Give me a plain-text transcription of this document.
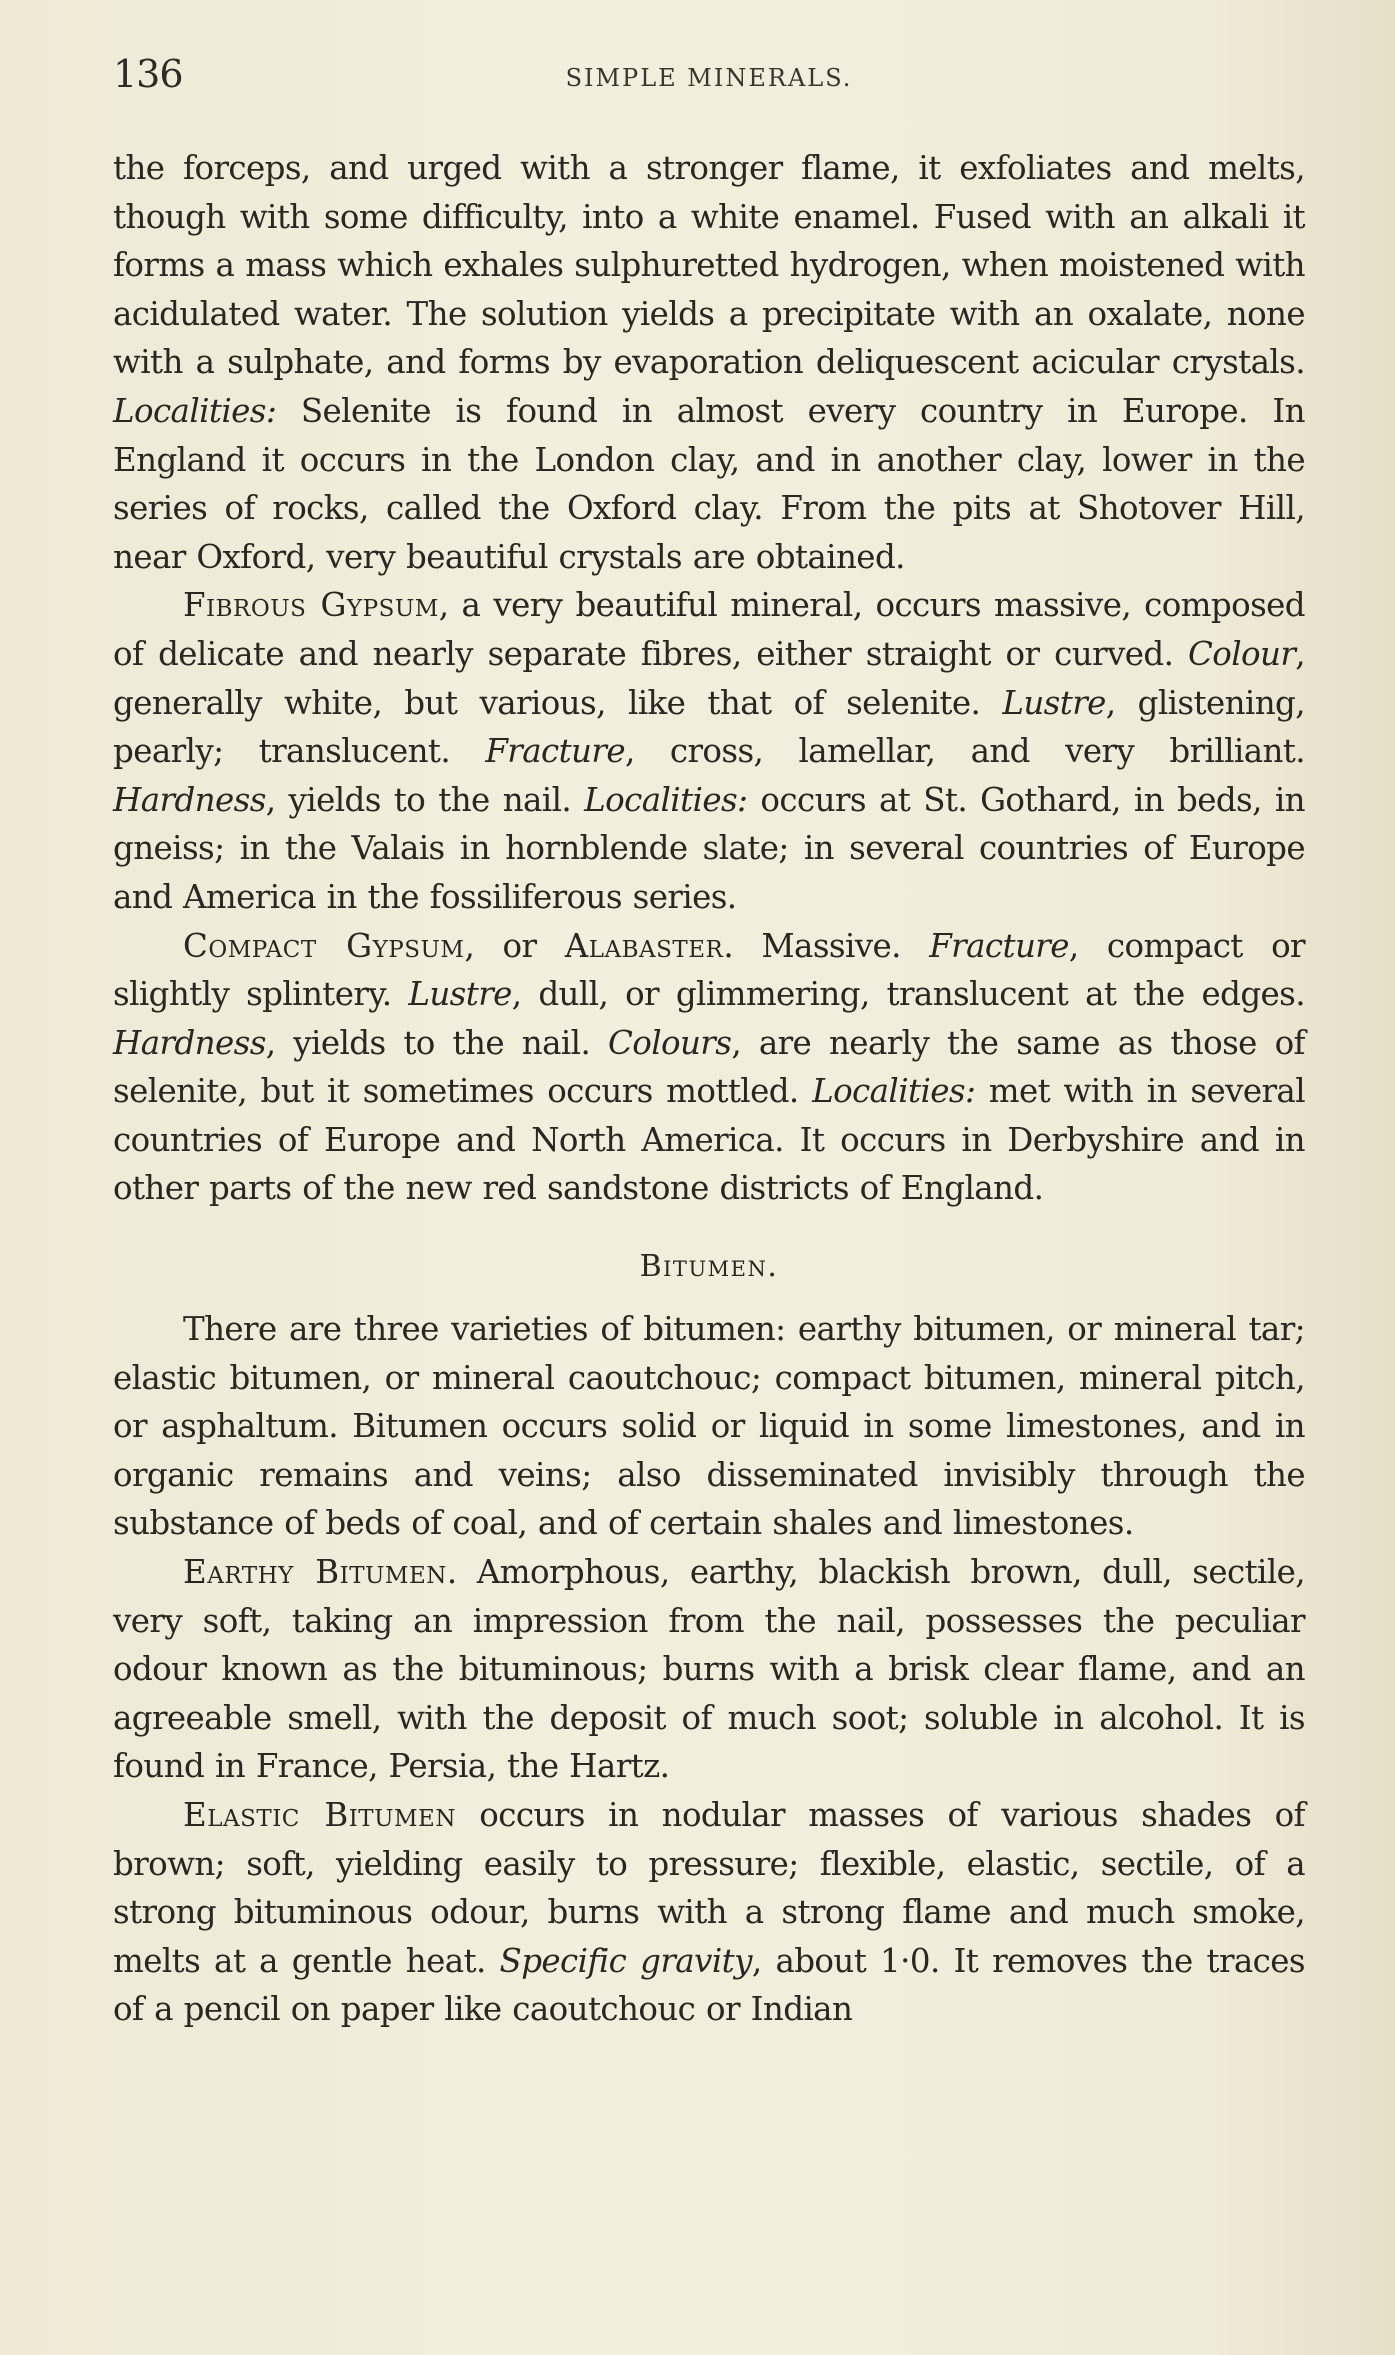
136	SIMPLE MINERALS.

the forceps, and urged with a stronger flame, it exfoliates and melts, though with some difficulty, into a white enamel. Fused with an alkali it forms a mass which exhales sulphuretted hydrogen, when moistened with acidulated water. The solution yields a precipitate with an oxalate, none with a sulphate, and forms by evaporation deliquescent acicular crystals. Localities: Selenite is found in almost every country in Europe. In England it occurs in the London clay, and in another clay, lower in the series of rocks, called the Oxford clay. From the pits at Shotover Hill, near Oxford, very beautiful crystals are obtained.

Fibrous Gypsum, a very beautiful mineral, occurs massive, composed of delicate and nearly separate fibres, either straight or curved. Colour, generally white, but various, like that of selenite. Lustre, glistening, pearly; translucent. Fracture, cross, lamellar, and very brilliant. Hardness, yields to the nail. Localities: occurs at St. Gothard, in beds, in gneiss; in the Valais in hornblende slate; in several countries of Europe and America in the fossiliferous series.

Compact Gypsum, or Alabaster. Massive. Fracture, compact or slightly splintery. Lustre, dull, or glimmering, translucent at the edges. Hardness, yields to the nail. Colours, are nearly the same as those of selenite, but it sometimes occurs mottled. Localities: met with in several countries of Europe and North America. It occurs in Derbyshire and in other parts of the new red sandstone districts of England.

Bitumen.

There are three varieties of bitumen: earthy bitumen, or mineral tar; elastic bitumen, or mineral caoutchouc; compact bitumen, mineral pitch, or asphaltum. Bitumen occurs solid or liquid in some limestones, and in organic remains and veins; also disseminated invisibly through the substance of beds of coal, and of certain shales and limestones.

Earthy Bitumen. Amorphous, earthy, blackish brown, dull, sectile, very soft, taking an impression from the nail, possesses the peculiar odour known as the bituminous; burns with a brisk clear flame, and an agreeable smell, with the deposit of much soot; soluble in alcohol. It is found in France, Persia, the Hartz.

Elastic Bitumen occurs in nodular masses of various shades of brown; soft, yielding easily to pressure; flexible, elastic, sectile, of a strong bituminous odour, burns with a strong flame and much smoke, melts at a gentle heat. Specific gravity, about 1·0. It removes the traces of a pencil on paper like caoutchouc or Indian
